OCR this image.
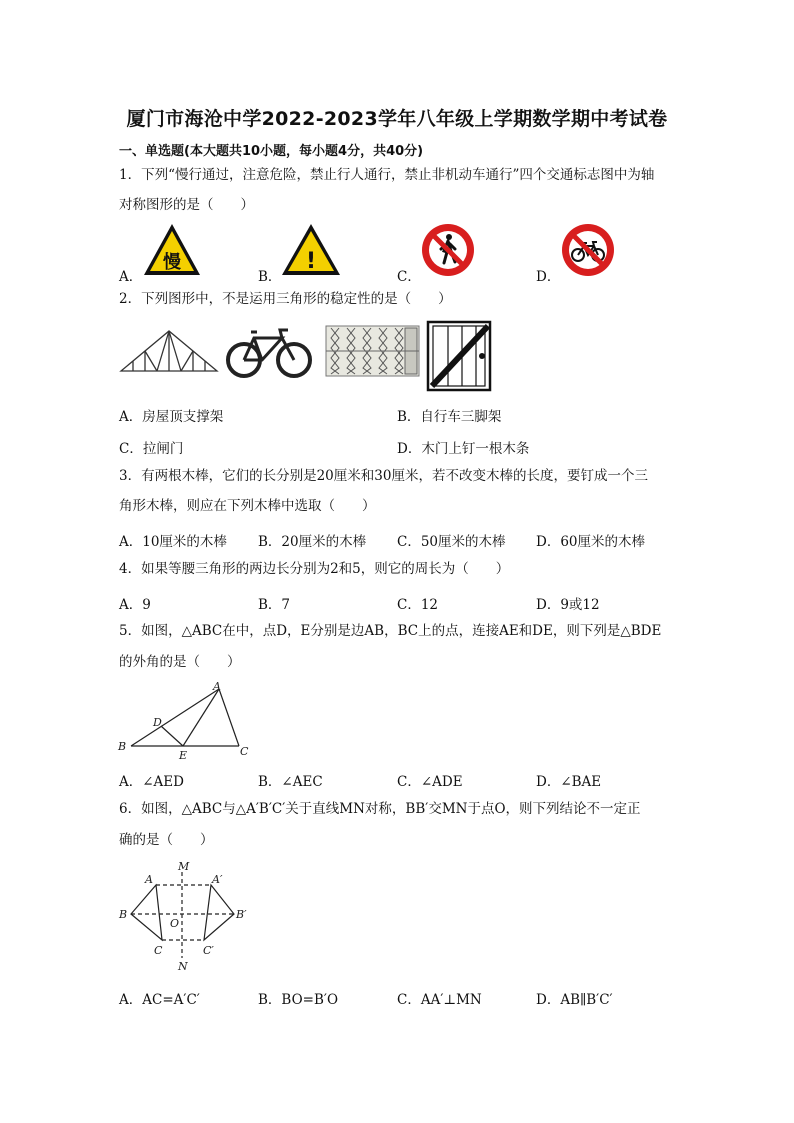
厦门市海沧中学2022-2023学年八年级上学期数学期中考试卷
一、单选题(本大题共10小题，每小题4分，共40分)
1．下列“慢行通过，注意危险，禁止行人通行，禁止非机动车通行”四个交通标志图中为轴
对称图形的是（　　）
A．	B．	C．	D．
慢	!
2．下列图形中，不是运用三角形的稳定性的是（　　）
A．房屋顶支撑架	B．自行车三脚架
C．拉闸门	D．木门上钉一根木条
3．有两根木棒，它们的长分别是20厘米和30厘米，若不改变木棒的长度，要钉成一个三
角形木棒，则应在下列木棒中选取（　　）
A．10厘米的木棒 B．20厘米的木棒 C．50厘米的木棒 D．60厘米的木棒
4．如果等腰三角形的两边长分别为2和5，则它的周长为（　　）
A．9	B．7	C．12	D．9或12
5．如图，△ABC在中，点D，E分别是边AB，BC上的点，连接AE和DE，则下列是△BDE
的外角的是（　　）
A
B	C
D
E
A．∠AED	B．∠AEC	C．∠ADE	D．∠BAE
6．如图，△ABC与△A′B′C′关于直线MN对称，BB′交MN于点O，则下列结论不一定正
确的是（　　）
M
N
A	A′
B	B′
C	C′
O
A．AC=A′C′	B．BO=B′O	C．AA′⊥MN	D．AB∥B′C′
